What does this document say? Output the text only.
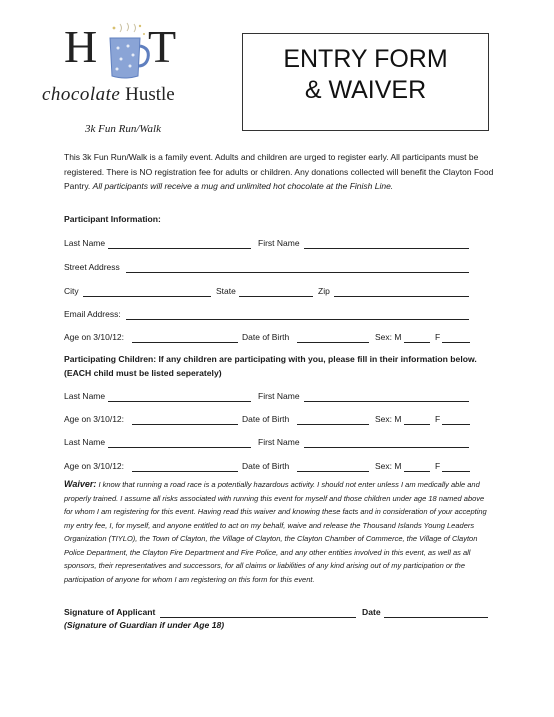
H T
chocolate Hustle
3k Fun Run/Walk
ENTRY FORM
& WAIVER
This 3k Fun Run/Walk is a family event. Adults and children are urged to register early. All participants must be registered. There is NO registration fee for adults or children. Any donations collected will benefit the Clayton Food Pantry. All participants will receive a mug and unlimited hot chocolate at the Finish Line.
Participant Information:
Last Name	First Name
Street Address
City	State	Zip
Email Address:
Age on 3/10/12:	Date of Birth	Sex: M	F
Participating Children: If any children are participating with you, please fill in their information below.
(EACH child must be listed seperately)
Last Name	First Name
Age on 3/10/12:	Date of Birth	Sex: M	F
Last Name	First Name
Age on 3/10/12:	Date of Birth	Sex: M	F
Waiver: I know that running a road race is a potentially hazardous activity. I should not enter unless I am medically able and properly trained. I assume all risks associated with running this event for myself and those children under age 18 named above for whom I am registering for this event. Having read this waiver and knowing these facts and in consideration of your accepting my entry fee, I, for myself, and anyone entitled to act on my behalf, waive and release the Thousand Islands Young Leaders Organization (TIYLO), the Town of Clayton, the Village of Clayton, the Clayton Chamber of Commerce, the Village of Clayton Police Department, the Clayton Fire Department and Fire Police, and any other entities involved in this event, as well as all sponsors, their representatives and successors, for all claims or liabilities of any kind arising out of my participation or the participation of anyone for whom I am registering on this form for this event.
Signature of Applicant	Date
(Signature of Guardian if under Age 18)
